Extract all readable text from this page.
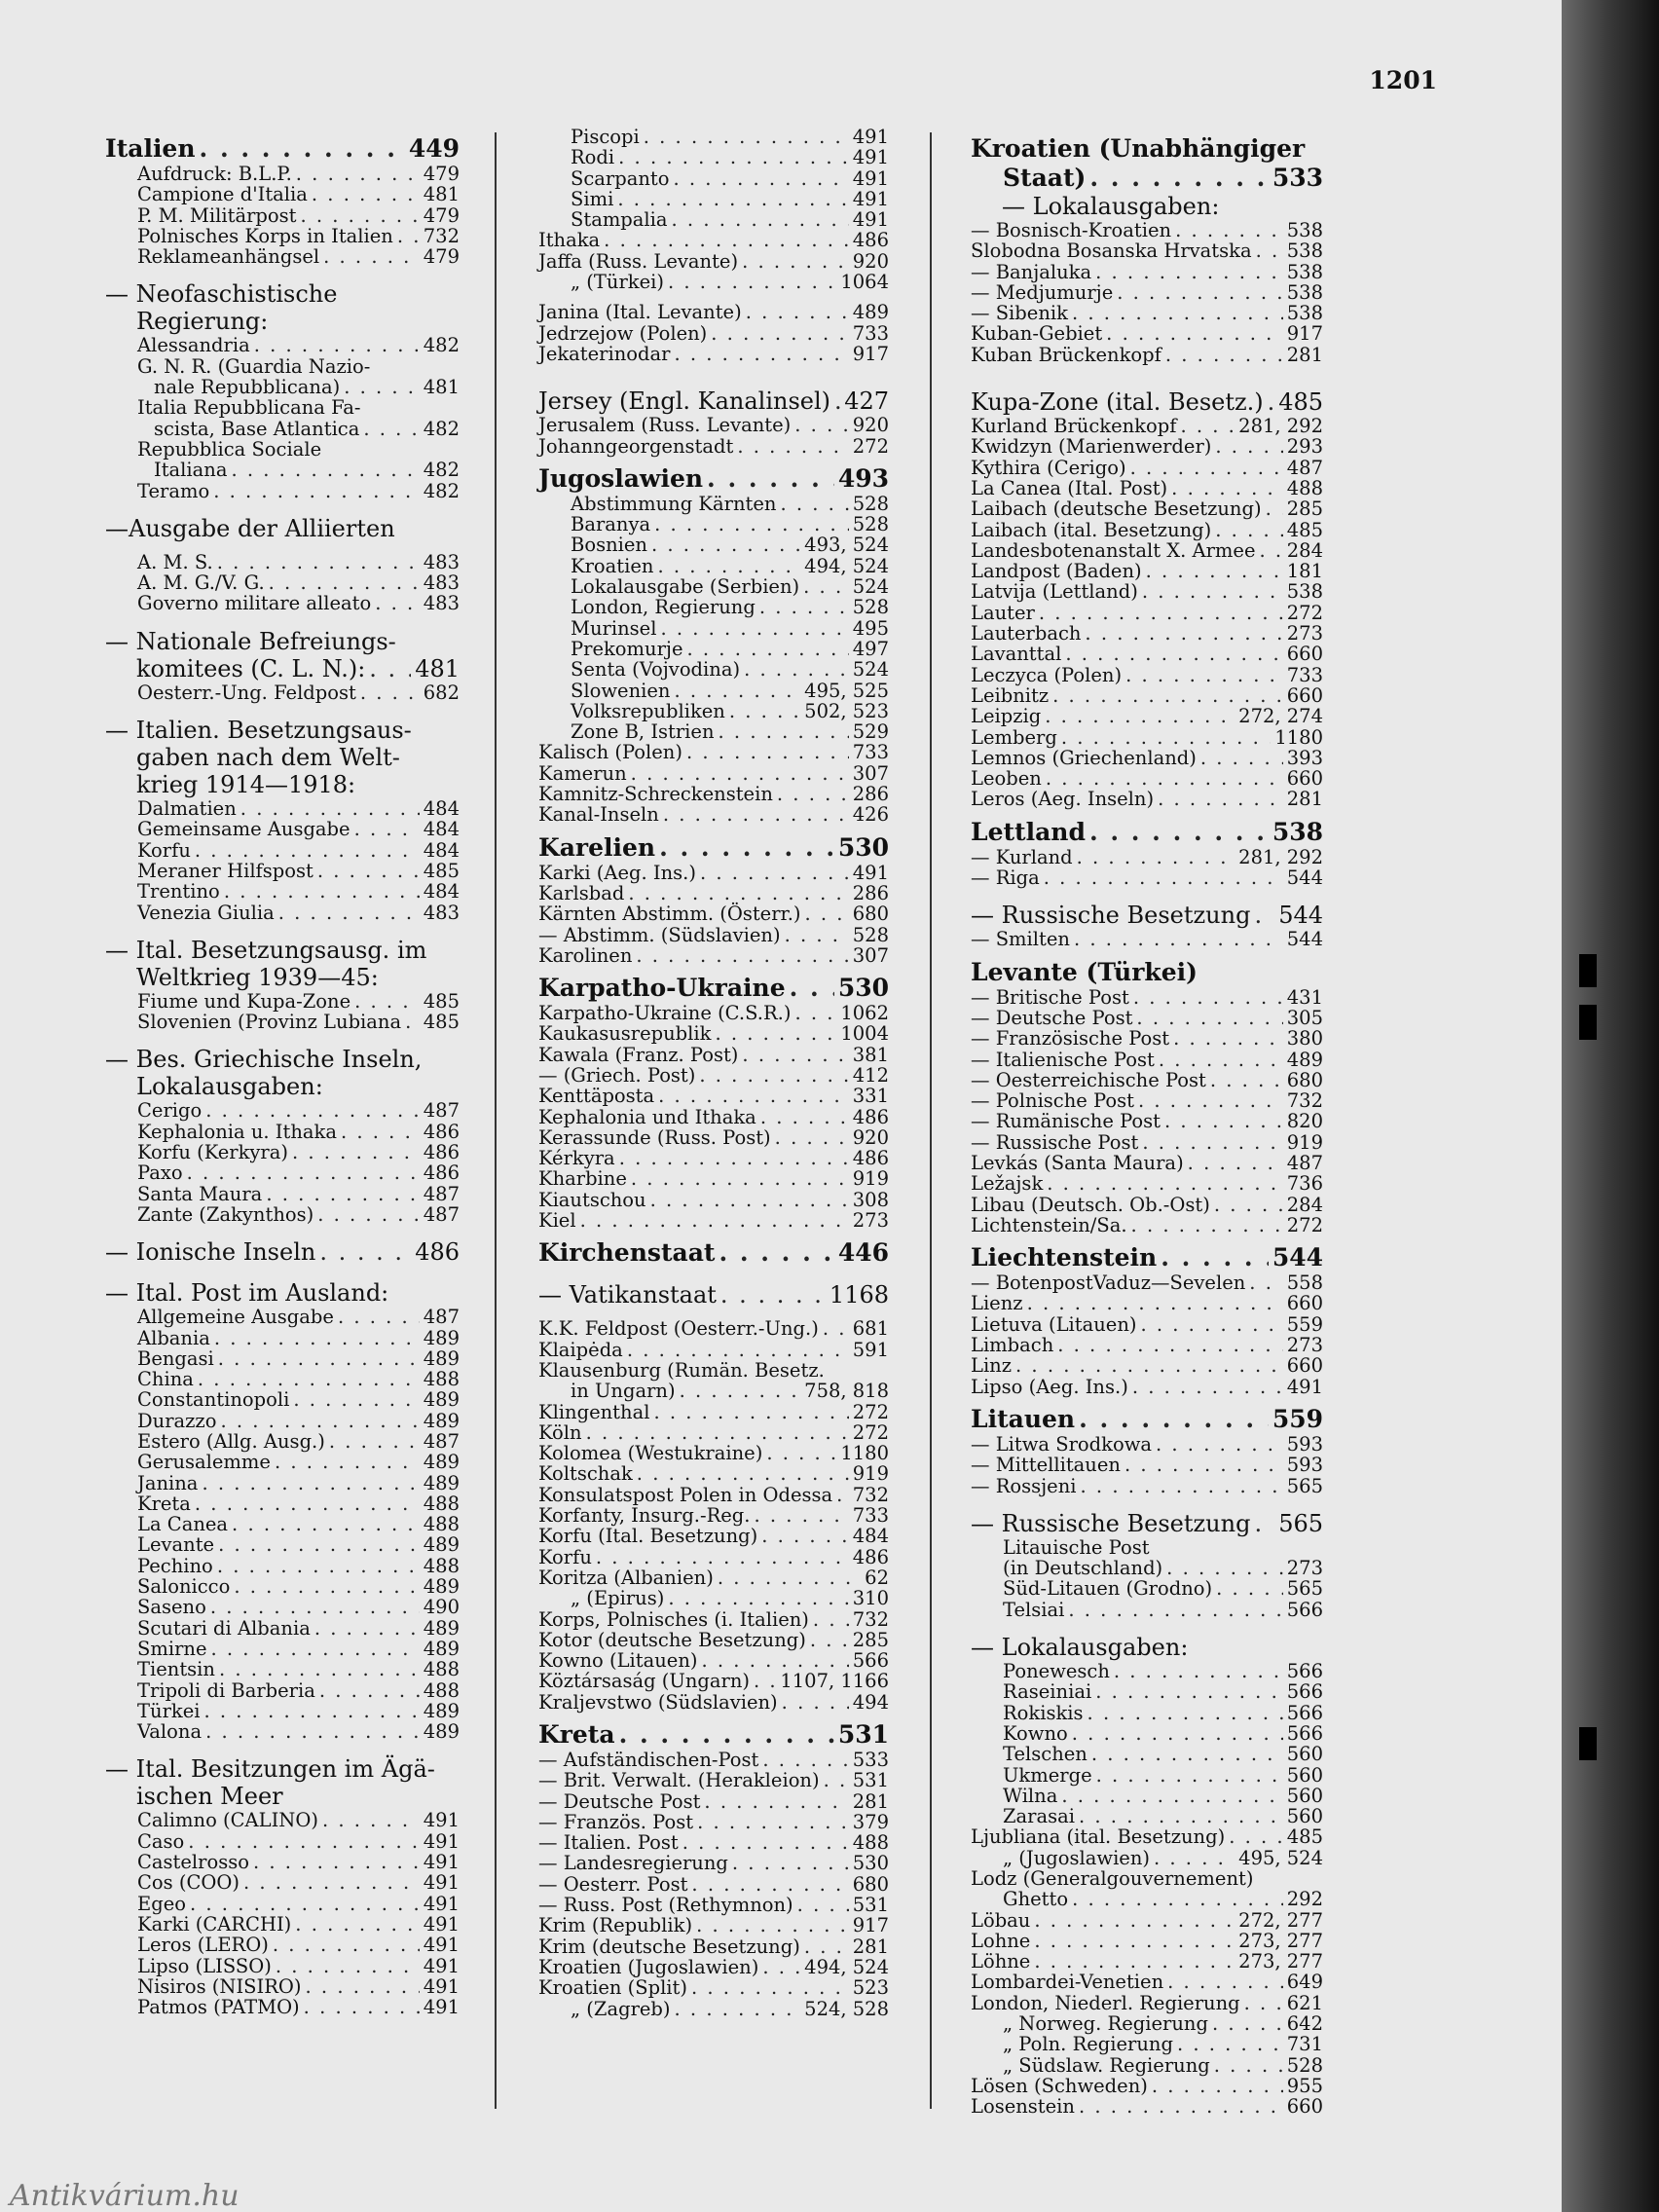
1201
Italien . . .	449
Aufdruck: B.L.P. . . .	479
Campione d'Italia . . .	481
P. M. Militärpost . . .	479
Polnisches Korps in Italien . . . 732
Reklameanhängsel . . .	479
— Neofaschistische
Regierung:
Alessandria . . .	482
G. N. R. (Guardia Nazio-
nale Repubblicana) . . .	481
Italia Repubblicana Fa-
scista, Base Atlantica . . .	482
Repubblica Sociale
Italiana . . .	482
Teramo . . .	482
—Ausgabe der Alliierten
A. M. S. . . .	483
A. M. G./V. G. . . .	483
Governo militare alleato . . .	483
— Nationale Befreiungs-
komitees (C. L. N.): . . . 481
Oesterr.-Ung. Feldpost . . .	682
— Italien. Besetzungsaus-
gaben nach dem Welt-
krieg 1914—1918:
Dalmatien . . .	484
Gemeinsame Ausgabe . . .	484
Korfu . . .	484
Meraner Hilfspost . . .	485
Trentino . . .	484
Venezia Giulia . . .	483
— Ital. Besetzungsausg. im
Weltkrieg 1939—45:
Fiume und Kupa-Zone . . .	485
Slovenien (Provinz Lubiana . . . 485
— Bes. Griechische Inseln,
Lokalausgaben:
Cerigo . . .	487
Kephalonia u. Ithaka . . .	486
Korfu (Kerkyra) . . .	486
Paxo . . .	486
Santa Maura . . .	487
Zante (Zakynthos) . . .	487
— Ionische Inseln . . .	486
— Ital. Post im Ausland:
Allgemeine Ausgabe . . .	487
Albania . . .	489
Bengasi . . .	489
China . . .	488
Constantinopoli . . .	489
Durazzo . . .	489
Estero (Allg. Ausg.) . . .	487
Gerusalemme . . .	489
Janina . . .	489
Kreta . . .	488
La Canea . . .	488
Levante . . .	489
Pechino . . .	488
Salonicco . . .	489
Saseno . . .	490
Scutari di Albania . . .	489
Smirne . . .	489
Tientsin . . .	488
Tripoli di Barberia . . .	488
Türkei . . .	489
Valona . . .	489
— Ital. Besitzungen im Ägä-
ischen Meer
Calimno (CALINO) . . .	491
Caso . . .	491
Castelrosso . . .	491
Cos (COO) . . .	491
Egeo . . .	491
Karki (CARCHI) . . .	491
Leros (LERO) . . .	491
Lipso (LISSO) . . .	491
Nisiros (NISIRO) . . .	491
Patmos (PATMO) . . .	491
Piscopi . . .	491
Rodi . . .	491
Scarpanto . . .	491
Simi . . .	491
Stampalia . . .	491
Ithaka . . .	486
Jaffa (Russ. Levante) . . .	920
„ (Türkei) . . .	1064
Janina (Ital. Levante) . . .	489
Jedrzejow (Polen) . . .	733
Jekaterinodar . . .	917
Jersey (Engl. Kanalinsel) . . . 427
Jerusalem (Russ. Levante) . . .	920
Johanngeorgenstadt . . .	272
Jugoslawien . . .	493
Abstimmung Kärnten . . .	528
Baranya . . .	528
Bosnien . . .	493, 524
Kroatien . . .	494, 524
Lokalausgabe (Serbien) . . .	524
London, Regierung . . .	528
Murinsel . . .	495
Prekomurje . . .	497
Senta (Vojvodina) . . .	524
Slowenien . . .	495, 525
Volksrepubliken . . .	502, 523
Zone B, Istrien . . .	529
Kalisch (Polen) . . .	733
Kamerun . . .	307
Kamnitz-Schreckenstein . . .	286
Kanal-Inseln . . .	426
Karelien . . .	530
Karki (Aeg. Ins.) . . .	491
Karlsbad . . .	286
Kärnten Abstimm. (Österr.) . . .	680
— Abstimm. (Südslavien) . . .	528
Karolinen . . .	307
Karpatho-Ukraine . . . 530
Karpatho-Ukraine (C.S.R.) . . .	1062
Kaukasusrepublik . . .	1004
Kawala (Franz. Post) . . .	381
— (Griech. Post) . . .	412
Kenttäposta . . .	331
Kephalonia und Ithaka . . .	486
Kerassunde (Russ. Post) . . .	920
Kérkyra . . .	486
Kharbine . . .	919
Kiautschou . . .	308
Kiel . . .	273
Kirchenstaat . . .	446
— Vatikanstaat . . .	1168
K.K. Feldpost (Oesterr.-Ung.) . . . 681
Klaipėda . . .	591
Klausenburg (Rumän. Besetz.
in Ungarn) . . .	758, 818
Klingenthal . . .	272
Köln . . .	272
Kolomea (Westukraine) . . .	1180
Koltschak . . .	919
Konsulatspost Polen in Odessa . . . 732
Korfanty, Insurg.-Reg. . . .	733
Korfu (Ital. Besetzung) . . .	484
Korfu . . .	486
Koritza (Albanien) . . .	62
„ (Epirus) . . .	310
Korps, Polnisches (i. Italien) . . . 732
Kotor (deutsche Besetzung) . . . 285
Kowno (Litauen) . . .	566
Köztársaság (Ungarn) . . . 1107, 1166
Kraljevstwo (Südslavien) . . .	494
Kreta . . .	531
— Aufständischen-Post . . .	533
— Brit. Verwalt. (Herakleion) . . . 531
— Deutsche Post . . .	281
— Französ. Post . . .	379
— Italien. Post . . .	488
— Landesregierung . . .	530
— Oesterr. Post . . .	680
— Russ. Post (Rethymnon) . . .	531
Krim (Republik) . . .	917
Krim (deutsche Besetzung) . . .	281
Kroatien (Jugoslawien) . . . 494, 524
Kroatien (Split) . . .	523
„ (Zagreb) . . .	524, 528
Kroatien (Unabhängiger
Staat) . . .	533
— Lokalausgaben:
— Bosnisch-Kroatien . . .	538
Slobodna Bosanska Hrvatska . . . 538
— Banjaluka . . .	538
— Medjumurje . . .	538
— Sibenik . . .	538
Kuban-Gebiet . . .	917
Kuban Brückenkopf . . .	281
Kupa-Zone (ital. Besetz.) . . . 485
Kurland Brückenkopf . . .	281, 292
Kwidzyn (Marienwerder) . . .	293
Kythira (Cerigo) . . .	487
La Canea (Ital. Post) . . .	488
Laibach (deutsche Besetzung) . . . 285
Laibach (ital. Besetzung) . . .	485
Landesbotenanstalt X. Armee . . . 284
Landpost (Baden) . . .	181
Latvija (Lettland) . . .	538
Lauter . . .	272
Lauterbach . . .	273
Lavanttal . . .	660
Leczyca (Polen) . . .	733
Leibnitz . . .	660
Leipzig . . .	272, 274
Lemberg . . .	1180
Lemnos (Griechenland) . . .	393
Leoben . . .	660
Leros (Aeg. Inseln) . . .	281
Lettland . . .	538
— Kurland . . .	281, 292
— Riga . . .	544
— Russische Besetzung . . . 544
— Smilten . . .	544
Levante (Türkei)
— Britische Post . . .	431
— Deutsche Post . . .	305
— Französische Post . . .	380
— Italienische Post . . .	489
— Oesterreichische Post . . .	680
— Polnische Post . . .	732
— Rumänische Post . . .	820
— Russische Post . . .	919
Levkás (Santa Maura) . . .	487
Ležajsk . . .	736
Libau (Deutsch. Ob.-Ost) . . .	284
Lichtenstein/Sa. . . .	272
Liechtenstein . . .	544
— BotenpostVaduz—Sevelen . . . 558
Lienz . . .	660
Lietuva (Litauen) . . .	559
Limbach . . .	273
Linz . . .	660
Lipso (Aeg. Ins.) . . .	491
Litauen . . .	559
— Litwa Srodkowa . . .	593
— Mittellitauen . . .	593
— Rossjeni . . .	565
— Russische Besetzung . . . 565
Litauische Post
(in Deutschland) . . .	273
Süd-Litauen (Grodno) . . .	565
Telsiai . . .	566
— Lokalausgaben:
Ponewesch . . .	566
Raseiniai . . .	566
Rokiskis . . .	566
Kowno . . .	566
Telschen . . .	560
Ukmerge . . .	560
Wilna . . .	560
Zarasai . . .	560
Ljubliana (ital. Besetzung) . . .	485
„ (Jugoslawien) . . .	495, 524
Lodz (Generalgouvernement)
Ghetto . . .	292
Löbau . . .	272, 277
Lohne . . .	273, 277
Löhne . . .	273, 277
Lombardei-Venetien . . .	649
London, Niederl. Regierung . . . 621
„ Norweg. Regierung . . .	642
„ Poln. Regierung . . .	731
„ Südslaw. Regierung . . .	528
Lösen (Schweden) . . .	955
Losenstein . . .	660
Antikvárium.hu
